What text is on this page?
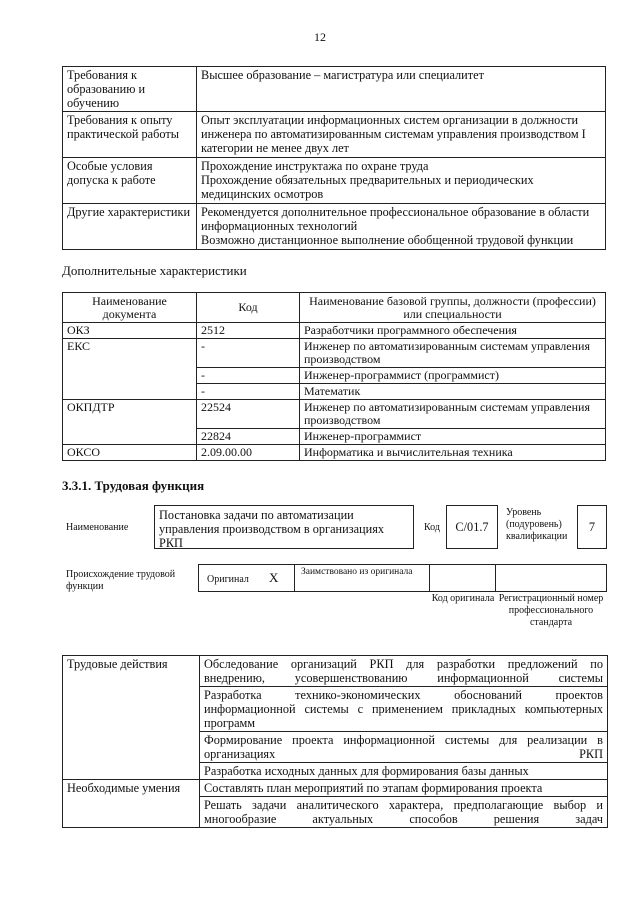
12
Требования к образованию и обучению	Высшее образование – магистратура или специалитет
Требования к опыту практической работы	Опыт эксплуатации информационных систем организации в должности инженера по автоматизированным системам управления производством I категории не менее двух лет
Особые условия допуска к работе	Прохождение инструктажа по охране труда
Прохождение обязательных предварительных и периодических медицинских осмотров

Другие характеристики	Рекомендуется дополнительное профессиональное образование в области информационных технологий
Возможно дистанционное выполнение обобщенной трудовой функции
Дополнительные характеристики
Наименование документа	Код	Наименование базовой группы, должности (профессии) или специальности
ОКЗ	2512	Разработчики программного обеспечения
ЕКС	-	Инженер по автоматизированным системам управления производством
	-	Инженер-программист (программист)
	-	Математик
ОКПДТР	22524	Инженер по автоматизированным системам управления производством
	22824	Инженер-программист
ОКСО	2.09.00.00	Информатика и вычислительная техника
3.3.1. Трудовая функция
Наименование
Постановка задачи по автоматизации управления производством в организациях РКП
Код C/01.7
Уровень (подуровень) квалификации
7
Происхождение трудовой функции
Оригинал X Заимствовано из оригинала
Код оригинала Регистрационный номер профессионального стандарта
Трудовые действия	Обследование организаций РКП для разработки предложений по внедрению, усовершенствованию информационной системы
	Разработка технико-экономических обоснований проектов информационной системы с применением прикладных компьютерных программ
	Формирование проекта информационной системы для реализации в организациях РКП
	Разработка исходных данных для формирования базы данных
Необходимые умения	Составлять план мероприятий по этапам формирования проекта
	Решать задачи аналитического характера, предполагающие выбор и многообразие актуальных способов решения задач
